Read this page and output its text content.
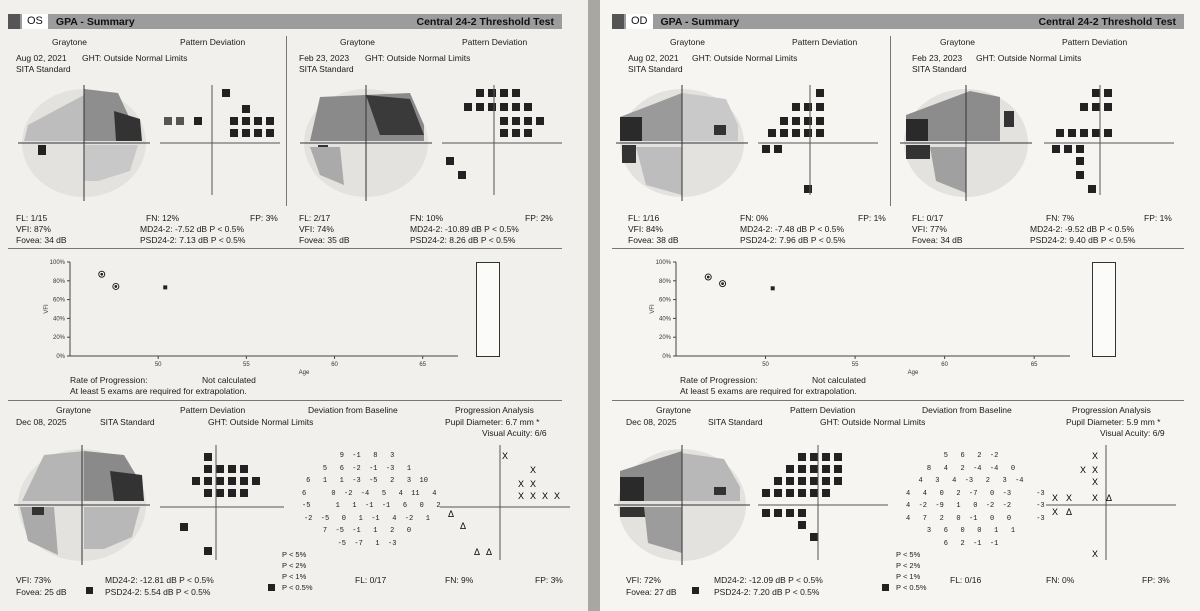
OS	GPA - Summary	Central 24-2 Threshold Test
Graytone	Pattern Deviation
Aug 02, 2021 GHT: Outside Normal Limits
SITA Standard
Graytone	Pattern Deviation
Feb 23, 2023 GHT: Outside Normal Limits
SITA Standard
FL: 1/15	FN: 12%	FP: 3%
VFI: 87%	MD24-2: -7.52 dB P < 0.5%
Fovea: 34 dB	PSD24-2: 7.13 dB P < 0.5%
FL: 2/17	FN: 10%	FP: 2%
VFI: 74%	MD24-2: -10.89 dB P < 0.5%
Fovea: 35 dB	PSD24-2: 8.26 dB P < 0.5%
100%
80%
60%
40%
20%
0%
50	55	60	65
VFI
Age
Rate of Progression:	Not calculated
At least 5 exams are required for extrapolation.
Graytone	Pattern Deviation	Deviation from Baseline	Progression Analysis
Dec 08, 2025	SITA Standard	GHT: Outside Normal Limits	Pupil Diameter: 6.7 mm *
Visual Acuity: 6/6
9  -1   8   3
5   6  -2  -1  -3   1
6   1   1  -3  -5   2   3  10
6      0  -2  -4   5   4  11   4
-5      1   1  -1  -1   6   0   2
-2  -5   0   1  -1   4  -2   1
7  -5  -1   1   2   0
-5  -7   1  -3
X
X
X X
X X X X
Δ
Δ
Δ Δ
P < 5%
P < 2%
P < 1%
P < 0.5%
VFI: 73%	MD24-2: -12.81 dB P < 0.5%	FL: 0/17	FN: 9%	FP: 3%
Fovea: 25 dB	PSD24-2: 5.54 dB P < 0.5%
OD	GPA - Summary	Central 24-2 Threshold Test
Graytone	Pattern Deviation
Aug 02, 2021 GHT: Outside Normal Limits
SITA Standard
Graytone	Pattern Deviation
Feb 23, 2023 GHT: Outside Normal Limits
SITA Standard
FL: 1/16	FN: 0%	FP: 1%
VFI: 84%	MD24-2: -7.48 dB P < 0.5%
Fovea: 38 dB	PSD24-2: 7.96 dB P < 0.5%
FL: 0/17	FN: 7%	FP: 1%
VFI: 77%	MD24-2: -9.52 dB P < 0.5%
Fovea: 34 dB	PSD24-2: 9.40 dB P < 0.5%
100%
80%
60%
40%
20%
0%
50	55	60	65
VFI
Age
Rate of Progression:	Not calculated
At least 5 exams are required for extrapolation.
Graytone	Pattern Deviation	Deviation from Baseline	Progression Analysis
Dec 08, 2025	SITA Standard	GHT: Outside Normal Limits	Pupil Diameter: 5.9 mm *
Visual Acuity: 6/9
5   6   2  -2
8   4   2  -4  -4   0
4   3   4  -3   2   3  -4
4   4   0   2  -7   0  -3      -3
4  -2  -9   1   0  -2  -2      -3
4   7   2   0  -1   0   0      -3
3   6   0   0   1   1
6   2  -1  -1
X
X X
X
X X X Δ
X Δ
X
P < 5%
P < 2%
P < 1%
P < 0.5%
VFI: 72%	MD24-2: -12.09 dB P < 0.5%	FL: 0/16	FN: 0%	FP: 3%
Fovea: 27 dB	PSD24-2: 7.20 dB P < 0.5%
